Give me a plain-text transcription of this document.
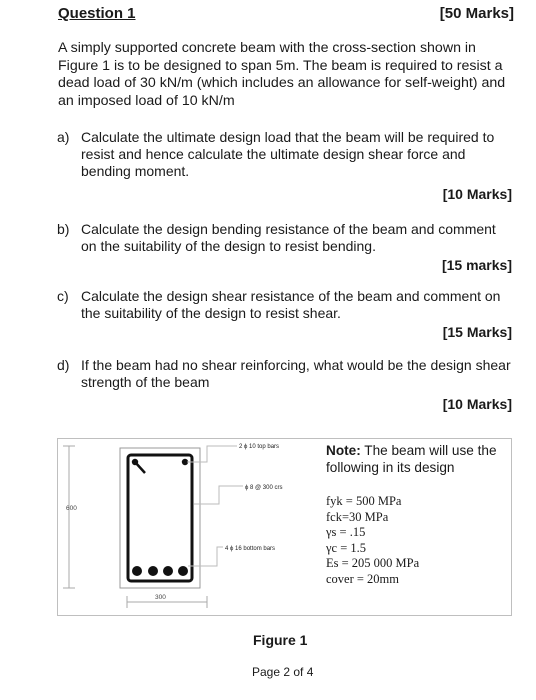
Question 1	[50 Marks]
A simply supported concrete beam with the cross-section shown in Figure 1 is to be designed to span 5m. The beam is required to resist a dead load of 30 kN/m (which includes an allowance for self-weight) and an imposed load of 10 kN/m
a) Calculate the ultimate design load that the beam will be required to resist and hence calculate the ultimate design shear force and bending moment.
[10 Marks]
b) Calculate the design bending resistance of the beam and comment on the suitability of the design to resist bending.
[15 marks]
c) Calculate the design shear resistance of the beam and comment on the suitability of the design to resist shear.
[15 Marks]
d) If the beam had no shear reinforcing, what would be the design shear strength of the beam
[10 Marks]
600
300
2 ϕ 10 top bars
ϕ 8 @ 300 crs
4 ϕ 16 bottom bars
Note: The beam will use the following in its design
fyk = 500 MPa
fck=30 MPa
γs = .15
γc = 1.5
Es = 205 000 MPa
cover = 20mm
Figure 1
Page 2 of 4
